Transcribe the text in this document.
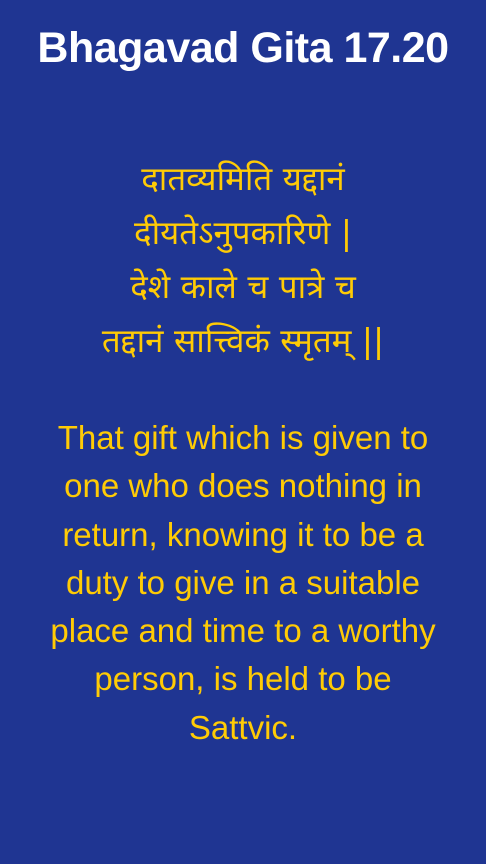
Bhagavad Gita 17.20
दातव्यमिति यद्दानं
दीयतेऽनुपकारिणे |
देशे काले च पात्रे च
तद्दानं सात्त्विकं स्मृतम् ||
That gift which is given to
one who does nothing in
return, knowing it to be a
duty to give in a suitable
place and time to a worthy
person, is held to be
Sattvic.
